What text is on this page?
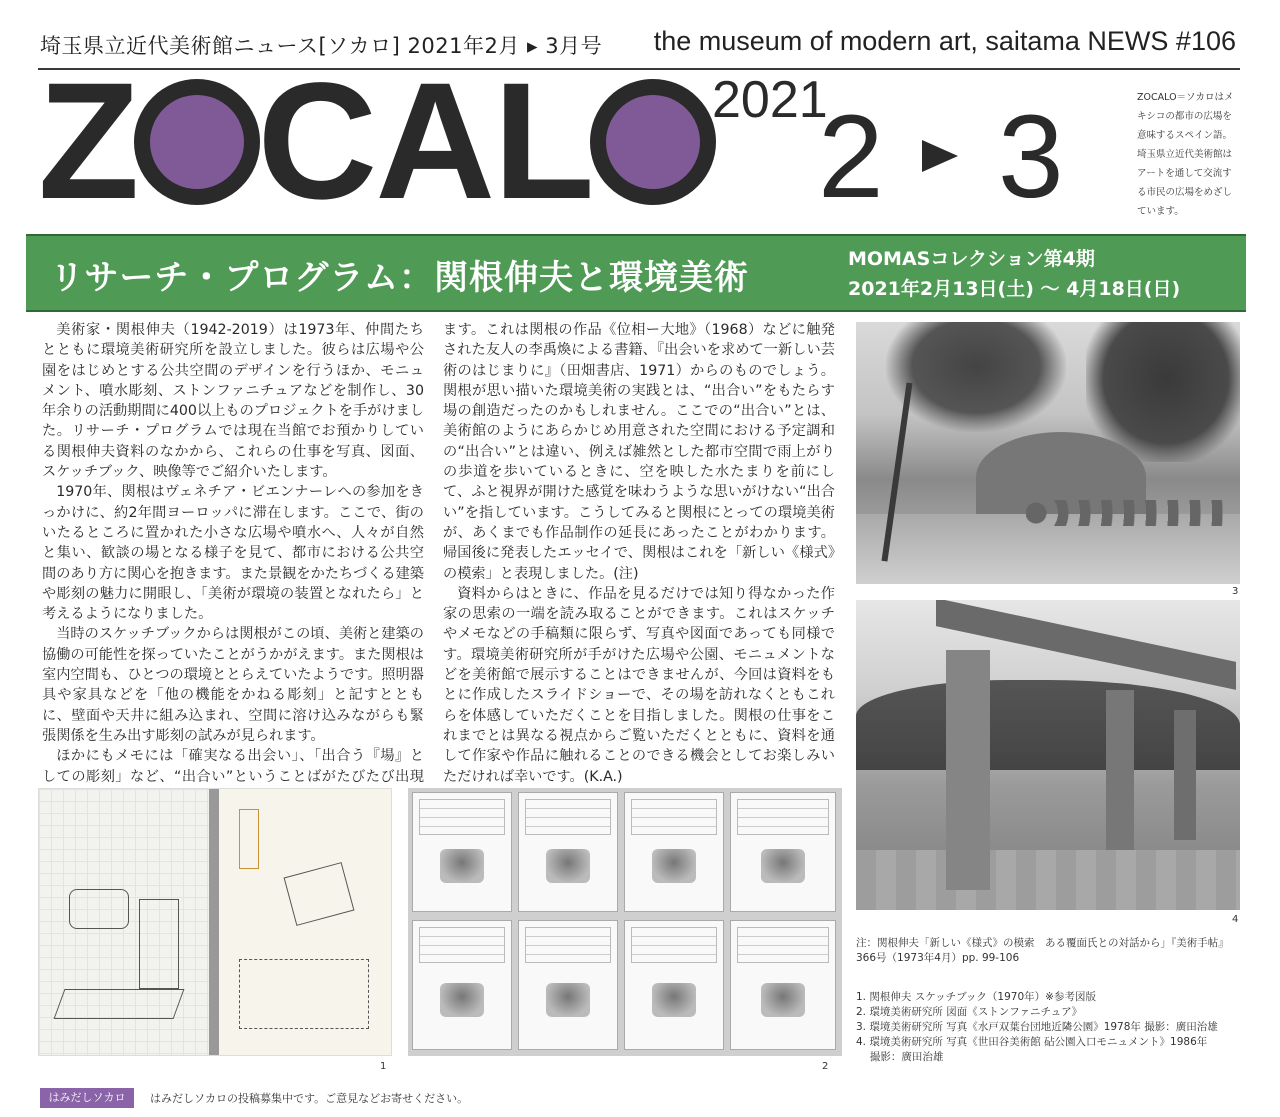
埼玉県立近代美術館ニュース[ソカロ] 2021年2月 ▸ 3月号 the museum of modern art, saitama NEWS #106
Z C A L 2021
2 3	ZOCALO＝ソカロはメキシコの都市の広場を意味するスペイン語。埼玉県立近代美術館はアートを通して交流する市民の広場をめざしています。
リサーチ・プログラム：関根伸夫と環境美術	MOMASコレクション第4期
2021年2月13日(土) ～ 4月18日(日)

美術家・関根伸夫（1942-2019）は1973年、仲間たちとともに環境美術研究所を設立しました。彼らは広場や公園をはじめとする公共空間のデザインを行うほか、モニュメント、噴水彫刻、ストンファニチュアなどを制作し、30年余りの活動期間に400以上ものプロジェクトを手がけました。リサーチ・プログラムでは現在当館でお預かりしている関根伸夫資料のなかから、これらの仕事を写真、図面、スケッチブック、映像等でご紹介いたします。

1970年、関根はヴェネチア・ビエンナーレへの参加をきっかけに、約2年間ヨーロッパに滞在します。ここで、街のいたるところに置かれた小さな広場や噴水へ、人々が自然と集い、歓談の場となる様子を見て、都市における公共空間のあり方に関心を抱きます。また景観をかたちづくる建築や彫刻の魅力に開眼し、「美術が環境の装置となれたら」と考えるようになりました。

当時のスケッチブックからは関根がこの頃、美術と建築の協働の可能性を探っていたことがうかがえます。また関根は室内空間も、ひとつの環境ととらえていたようです。照明器具や家具などを「他の機能をかねる彫刻」と記すとともに、壁面や天井に組み込まれ、空間に溶け込みながらも緊張関係を生み出す彫刻の試みが見られます。

ほかにもメモには「確実なる出会い」、「出合う『場』としての彫刻」など、“出合い”ということばがたびたび出現

ます。これは関根の作品《位相ー大地》（1968）などに触発された友人の李禹煥による書籍、『出会いを求めて一新しい芸術のはじまりに』（田畑書店、1971）からのものでしょう。関根が思い描いた環境美術の実践とは、“出合い”をもたらす場の創造だったのかもしれません。ここでの“出合い”とは、美術館のようにあらかじめ用意された空間における予定調和の“出合い”とは違い、例えば雑然とした都市空間で雨上がりの歩道を歩いているときに、空を映した水たまりを前にして、ふと視界が開けた感覚を味わうような思いがけない“出合い”を指しています。こうしてみると関根にとっての環境美術が、あくまでも作品制作の延長にあったことがわかります。帰国後に発表したエッセイで、関根はこれを「新しい《様式》の模索」と表現しました。(注)

資料からはときに、作品を見るだけでは知り得なかった作家の思索の一端を読み取ることができます。これはスケッチやメモなどの手稿類に限らず、写真や図面であっても同様です。環境美術研究所が手がけた広場や公園、モニュメントなどを美術館で展示することはできませんが、今回は資料をもとに作成したスライドショーで、その場を訪れなくともこれらを体感していただくことを目指しました。関根の仕事をこれまでとは異なる視点からご覧いただくとともに、資料を通して作家や作品に触れることのできる機会としてお楽しみいただければ幸いです。(K.A.)

3
4
1	2
注：関根伸夫「新しい《様式》の模索　ある覆面氏との対話から」『美術手帖』366号（1973年4月）pp. 99-106
1. 関根伸夫 スケッチブック（1970年）※参考図版
2. 環境美術研究所 図面《ストンファニチュア》
3. 環境美術研究所 写真《水戸双葉台団地近隣公園》1978年 撮影：廣田治雄
4. 環境美術研究所 写真《世田谷美術館 砧公園入口モニュメント》1986年
　 撮影：廣田治雄
はみだしソカロ	はみだしソカロの投稿募集中です。ご意見などお寄せください。
